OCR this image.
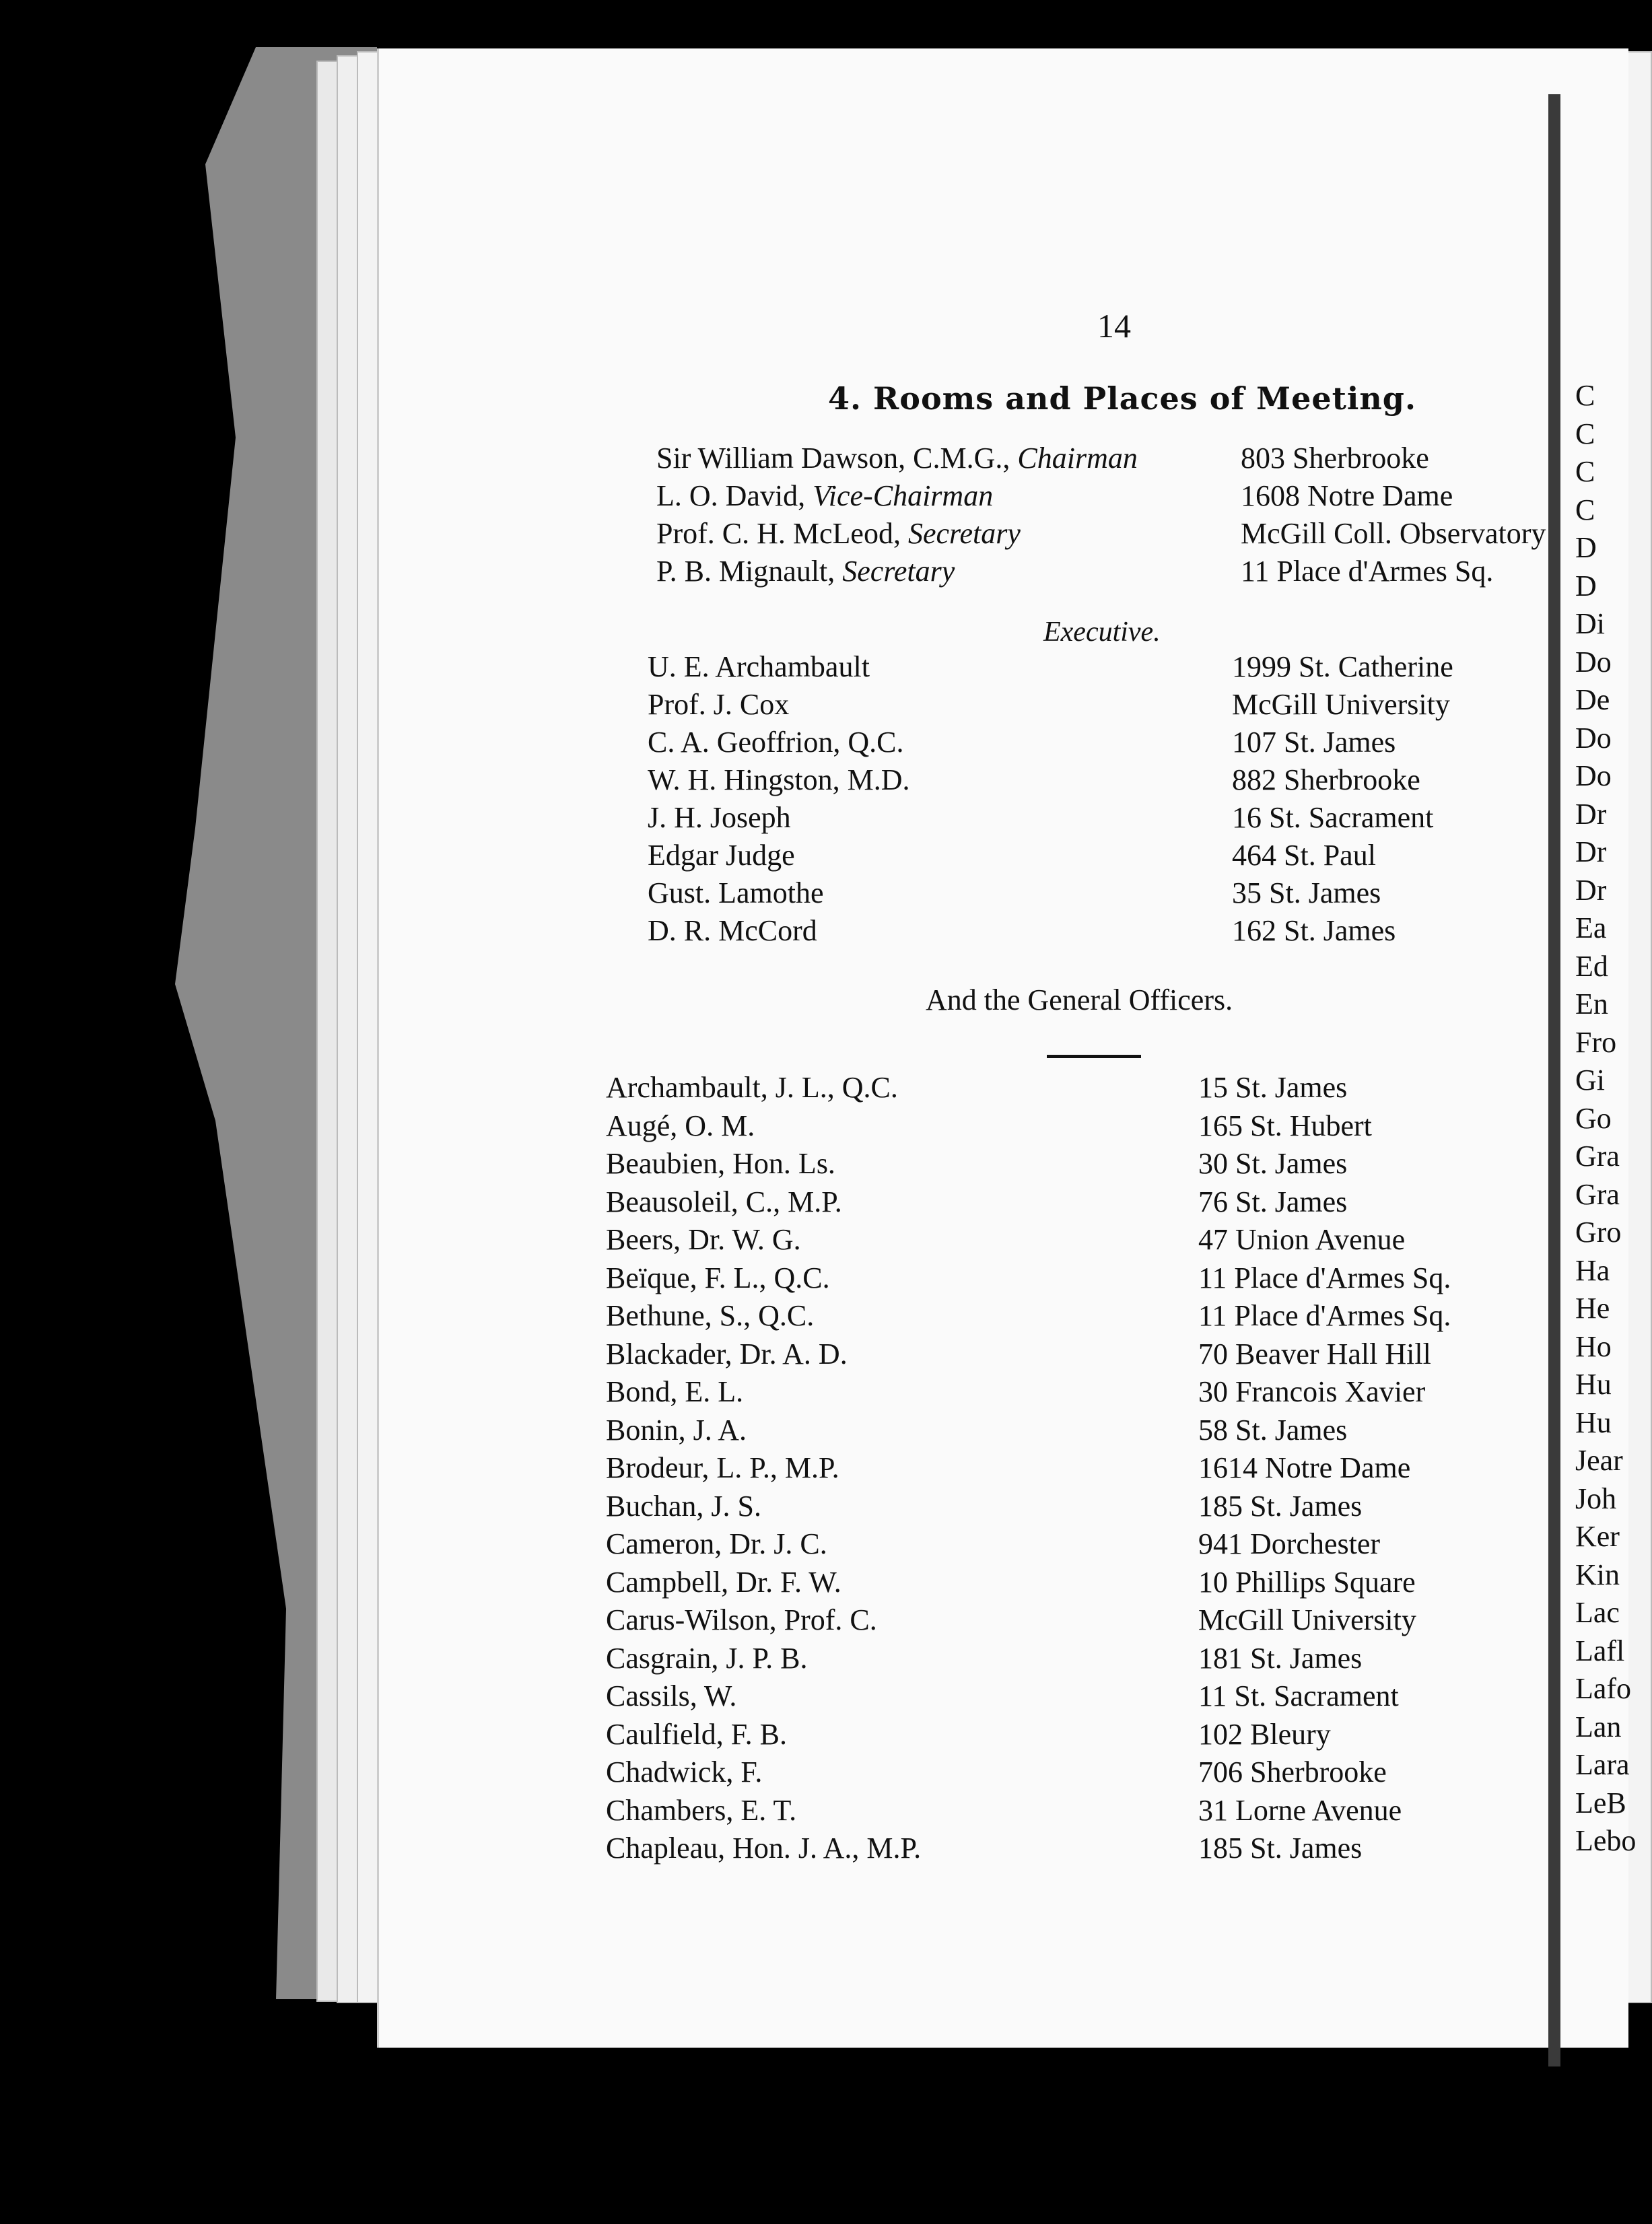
C
C
C
C
D
D
Di
Do
De
Do
Do
Dr
Dr
Dr
Ea
Ed
En
Fro
Gi
Go
Gra
Gra
Gro
Ha
He
Ho
Hu
Hu
Jear
Joh
Ker
Kin
Lac
Lafl
Lafo
Lan
Lara
LeB
Lebo
14
4. Rooms and Places of Meeting.
Sir William Dawson, C.M.G., Chairman	803 Sherbrooke
L. O. David, Vice-Chairman	1608 Notre Dame
Prof. C. H. McLeod, Secretary	McGill Coll. Observatory
P. B. Mignault, Secretary	11 Place d'Armes Sq.
Executive.
U. E. Archambault	1999 St. Catherine
Prof. J. Cox	McGill University
C. A. Geoffrion, Q.C.	107 St. James
W. H. Hingston, M.D.	882 Sherbrooke
J. H. Joseph	16 St. Sacrament
Edgar Judge	464 St. Paul
Gust. Lamothe	35 St. James
D. R. McCord	162 St. James
And the General Officers.
Archambault, J. L., Q.C.	15 St. James
Augé, O. M.	165 St. Hubert
Beaubien, Hon. Ls.	30 St. James
Beausoleil, C., M.P.	76 St. James
Beers, Dr. W. G.	47 Union Avenue
Beïque, F. L., Q.C.	11 Place d'Armes Sq.
Bethune, S., Q.C.	11 Place d'Armes Sq.
Blackader, Dr. A. D.	70 Beaver Hall Hill
Bond, E. L.	30 Francois Xavier
Bonin, J. A.	58 St. James
Brodeur, L. P., M.P.	1614 Notre Dame
Buchan, J. S.	185 St. James
Cameron, Dr. J. C.	941 Dorchester
Campbell, Dr. F. W.	10 Phillips Square
Carus-Wilson, Prof. C.	McGill University
Casgrain, J. P. B.	181 St. James
Cassils, W.	11 St. Sacrament
Caulfield, F. B.	102 Bleury
Chadwick, F.	706 Sherbrooke
Chambers, E. T.	31 Lorne Avenue
Chapleau, Hon. J. A., M.P.	185 St. James
